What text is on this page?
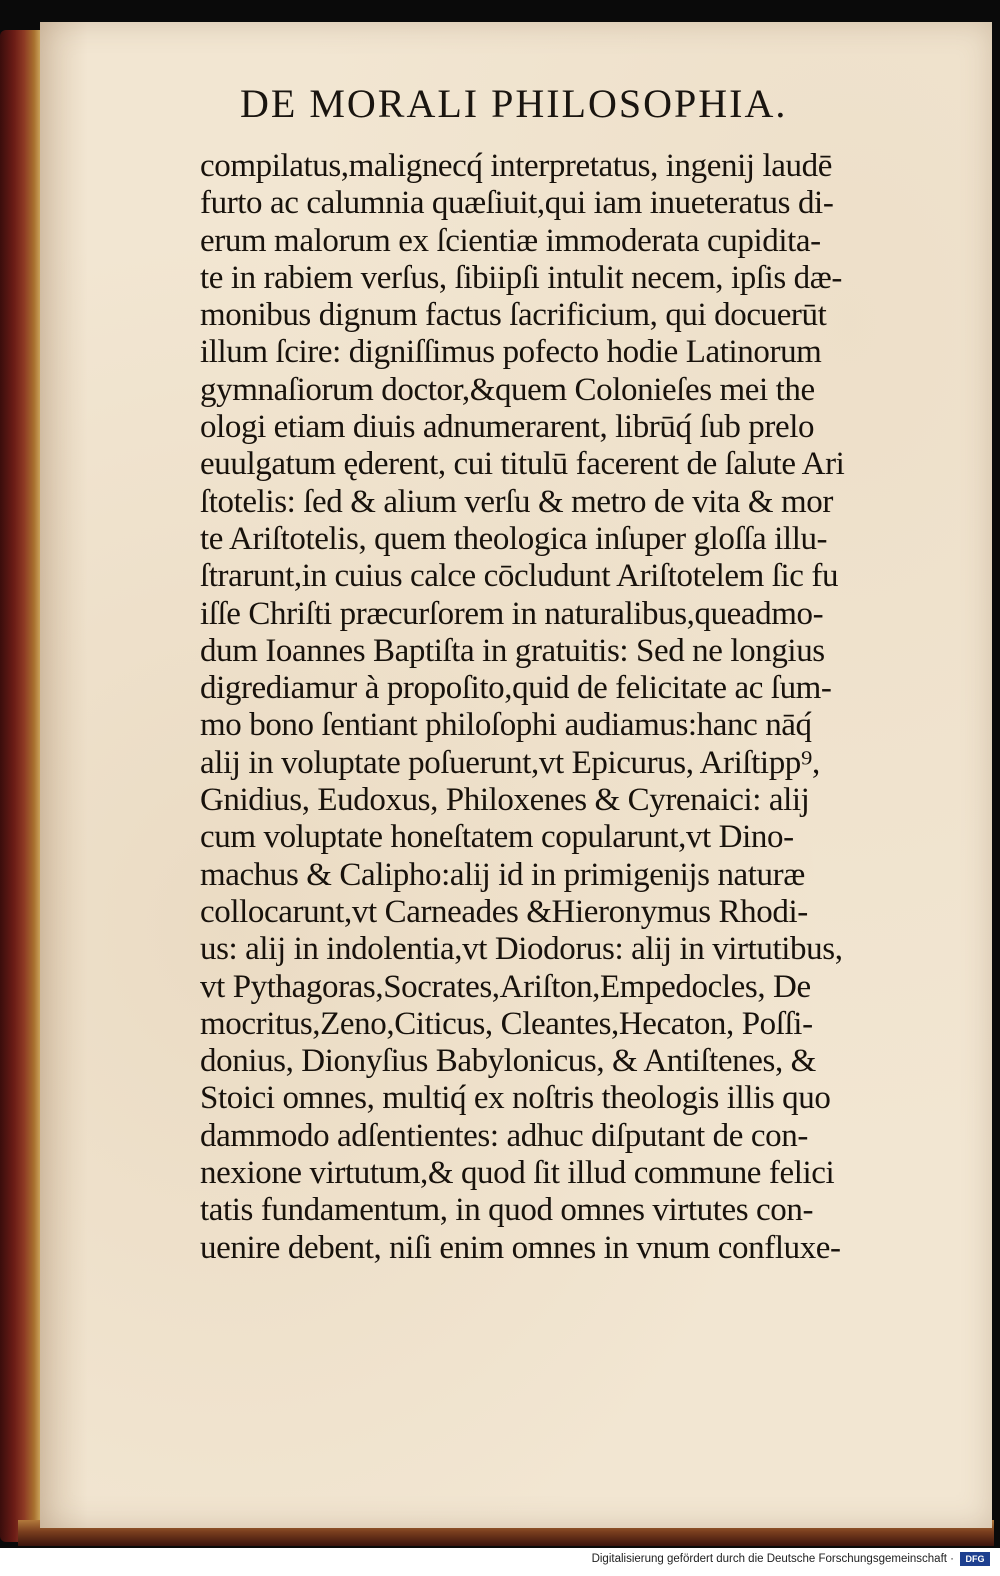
DE MORALI PHILOSOPHIA.
compilatus,malignecq́ interpretatus, ingenij laudē
furto ac calumnia quæſiuit,qui iam inueteratus di-
erum malorum ex ſcientiæ immoderata cupidita-
te in rabiem verſus, ſibiipſi intulit necem, ipſis dæ-
monibus dignum factus ſacrificium, qui docuerūt
illum ſcire: digniſſimus pofecto hodie Latinorum
gymnaſiorum doctor,&quem Colonieſes mei the
ologi etiam diuis adnumerarent, librūq́ ſub prelo
euulgatum ęderent, cui titulū facerent de ſalute Ari
ſtotelis: ſed & alium verſu & metro de vita & mor
te Ariſtotelis, quem theologica inſuper gloſſa illu-
ſtrarunt,in cuius calce cōcludunt Ariſtotelem ſic fu
iſſe Chriſti præcurſorem in naturalibus,queadmo-
dum Ioannes Baptiſta in gratuitis: Sed ne longius
digrediamur à propoſito,quid de felicitate ac ſum-
mo bono ſentiant philoſophi audiamus:hanc nāq́
alij in voluptate poſuerunt,vt Epicurus, Ariſtipp⁹,
Gnidius, Eudoxus, Philoxenes & Cyrenaici: alij
cum voluptate honeſtatem copularunt,vt Dino-
machus & Calipho:alij id in primigenijs naturæ
collocarunt,vt Carneades &Hieronymus Rhodi-
us: alij in indolentia,vt Diodorus: alij in virtutibus,
vt Pythagoras,Socrates,Ariſton,Empedocles, De
mocritus,Zeno,Citicus, Cleantes,Hecaton, Poſſi-
donius, Dionyſius Babylonicus, & Antiſtenes, &
Stoici omnes, multiq́ ex noſtris theologis illis quo
dammodo adſentientes: adhuc diſputant de con-
nexione virtutum,& quod ſit illud commune felici
tatis fundamentum, in quod omnes virtutes con-
uenire debent, niſi enim omnes in vnum confluxe-
Digitalisierung gefördert durch die Deutsche Forschungsgemeinschaft ·	DFG
